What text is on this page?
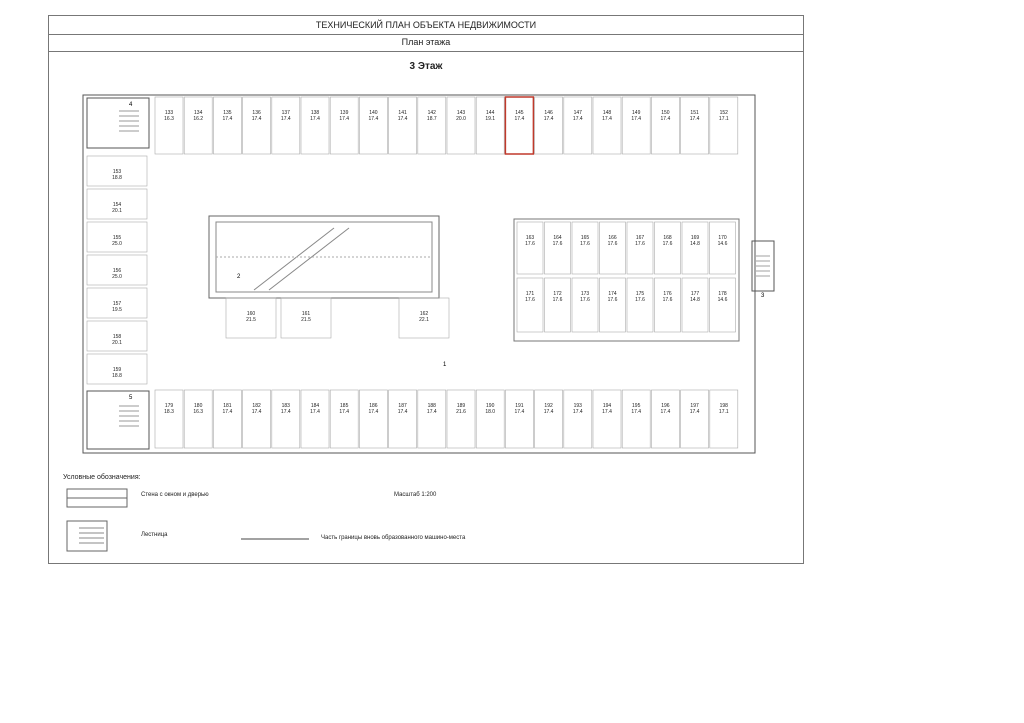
ТЕХНИЧЕСКИЙ ПЛАН ОБЪЕКТА НЕДВИЖИМОСТИ
План этажа
3 Этаж
4
5
3
2
1
133
16.3
134
16.2
135
17.4
136
17.4
137
17.4
138
17.4
139
17.4
140
17.4
141
17.4
142
18.7
143
20.0
144
19.1
145
17.4
146
17.4
147
17.4
148
17.4
149
17.4
150
17.4
151
17.4
152
17.1
179
18.3
180
16.3
181
17.4
182
17.4
183
17.4
184
17.4
185
17.4
186
17.4
187
17.4
188
17.4
189
21.6
190
18.0
191
17.4
192
17.4
193
17.4
194
17.4
195
17.4
196
17.4
197
17.4
198
17.1
153
18.8
154
20.1
155
25.0
156
25.0
157
19.5
158
20.1
159
18.8
160
21.5
161
21.5
162
22.1
163
17.6
164
17.6
165
17.6
166
17.6
167
17.6
168
17.6
169
14.8
170
14.6
171
17.6
172
17.6
173
17.6
174
17.6
175
17.6
176
17.6
177
14.8
178
14.6
Условные обозначения:
Стена с окном и дверью
Лестница
Масштаб 1:200
Часть границы вновь образованного машино-места
